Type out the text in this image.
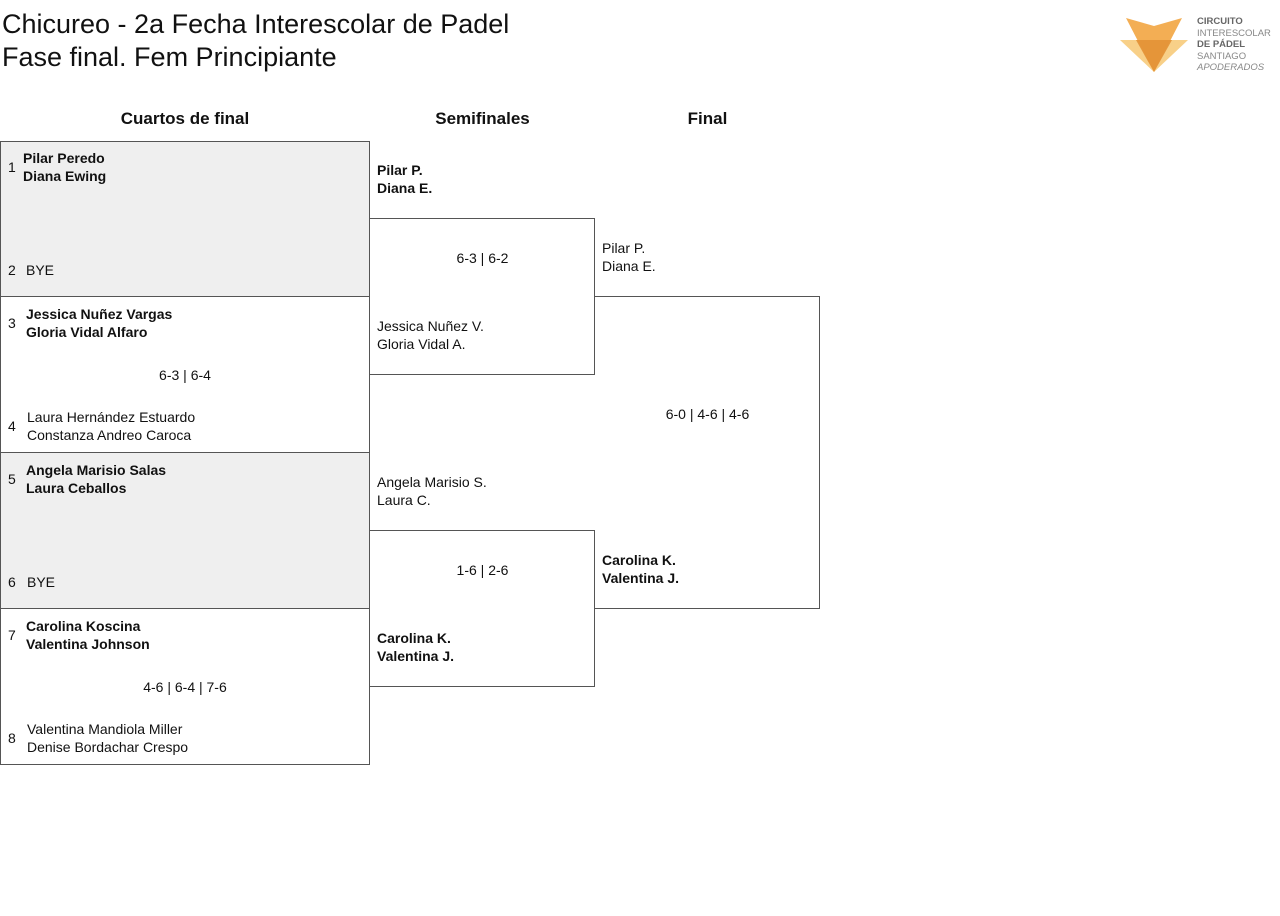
Chicureo - 2a Fecha Interescolar de Padel
Fase final. Fem Principiante
CIRCUITO
INTERESCOLAR
DE PÁDEL
SANTIAGO
APODERADOS
Cuartos de final	Semifinales	Final
1
Pilar Peredo
Diana Ewing
2 BYE
3
Jessica Nuñez Vargas
Gloria Vidal Alfaro
6-3 | 6-4
4
Laura Hernández Estuardo
Constanza Andreo Caroca
5
Angela Marisio Salas
Laura Ceballos
6 BYE
7
Carolina Koscina
Valentina Johnson
4-6 | 6-4 | 7-6
8
Valentina Mandiola Miller
Denise Bordachar Crespo
Pilar P.
Diana E.
6-3 | 6-2
Jessica Nuñez V.
Gloria Vidal A.
Angela Marisio S.
Laura C.
1-6 | 2-6
Carolina K.
Valentina J.
Pilar P.
Diana E.
6-0 | 4-6 | 4-6
Carolina K.
Valentina J.
